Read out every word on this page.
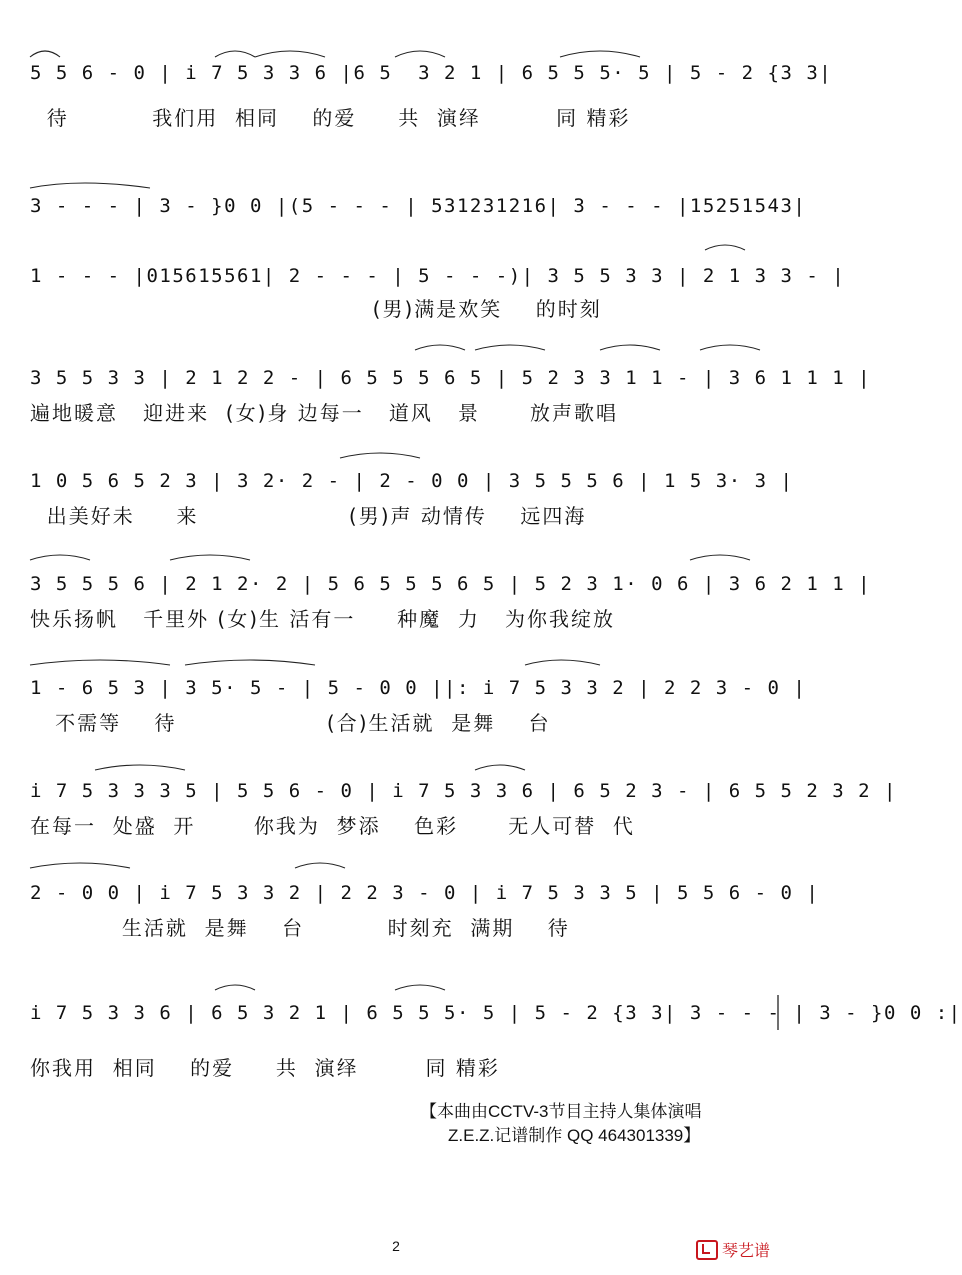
5 5 6 - 0 | i 7 5 3 3 6 |6 5  3 2 1 | 6 5 5 5· 5 | 5 - 2 {3 3|
待          我们用  相同    的爱     共  演绎         同 精彩
3 - - - | 3 - }0 0 |(5 - - - | 531231216| 3 - - - |15251543|
1 - - - |015615561| 2 - - - | 5 - - -)| 3 5 5 3 3 | 2 1 3 3 - |
(男)满是欢笑    的时刻
3 5 5 3 3 | 2 1 2 2 - | 6 5 5 5 6 5 | 5 2 3 3 1 1 - | 3 6 1 1 1 |
遍地暖意   迎进来  (女)身 边每一   道风   景      放声歌唱
1 0 5 6 5 2 3 | 3 2· 2 - | 2 - 0 0 | 3 5 5 5 6 | 1 5 3· 3 |
出美好未     来                  (男)声 动情传    远四海
3 5 5 5 6 | 2 1 2· 2 | 5 6 5 5 5 6 5 | 5 2 3 1· 0 6 | 3 6 2 1 1 |
快乐扬帆   千里外 (女)生 活有一     种魔  力   为你我绽放
1 - 6 5 3 | 3 5· 5 - | 5 - 0 0 ||: i 7 5 3 3 2 | 2 2 3 - 0 |
不需等    待                  (合)生活就  是舞    台
i 7 5 3 3 3 5 | 5 5 6 - 0 | i 7 5 3 3 6 | 6 5 2 3 - | 6 5 5 2 3 2 |
在每一  处盛  开       你我为  梦添    色彩      无人可替  代
2 - 0 0 | i 7 5 3 3 2 | 2 2 3 - 0 | i 7 5 3 3 5 | 5 5 6 - 0 |
生活就  是舞    台          时刻充  满期    待
i 7 5 3 3 6 | 6 5 3 2 1 | 6 5 5 5· 5 | 5 - 2 {3 3| 3 - - - | 3 - }0 0 :|
你我用  相同    的爱     共  演绎        同 精彩
【本曲由CCTV-3节目主持人集体演唱
Z.E.Z.记谱制作 QQ 464301339】
2	琴艺谱
